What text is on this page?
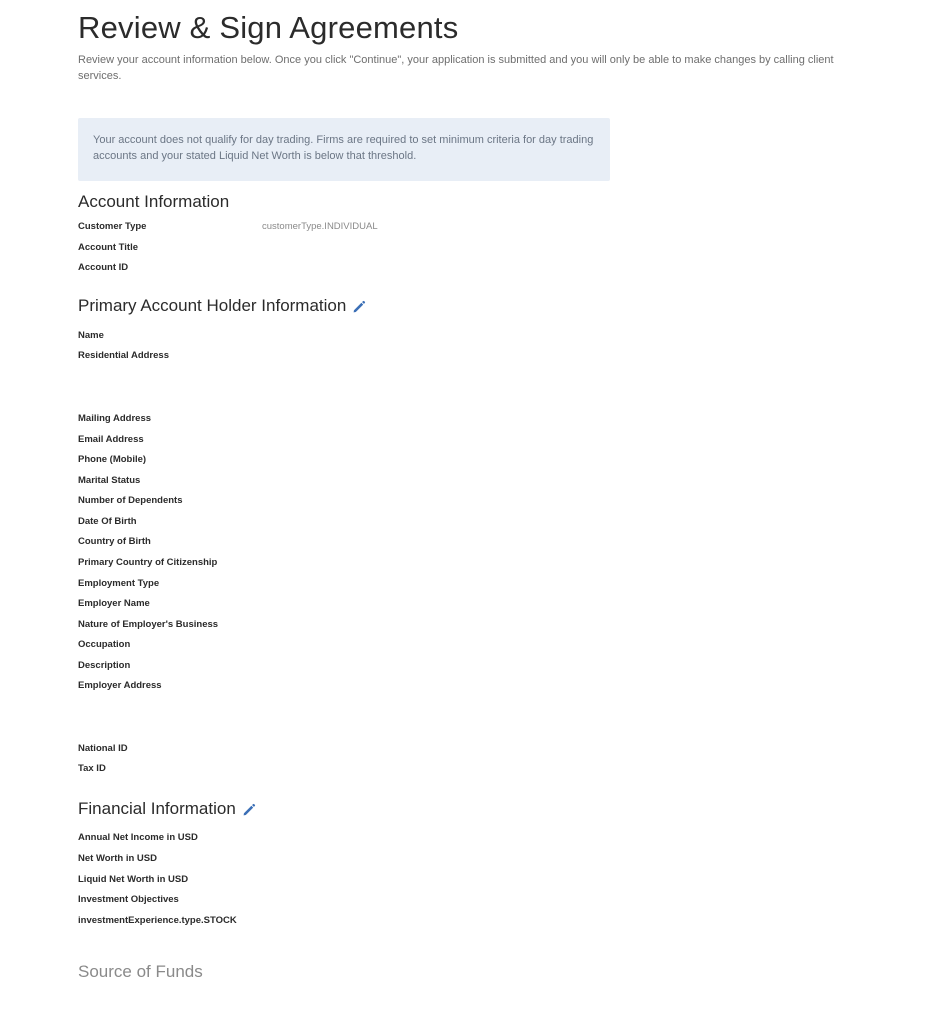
Review & Sign Agreements

Review your account information below. Once you click "Continue", your application is submitted and you will only be able to make changes by calling client services.

Your account does not qualify for day trading. Firms are required to set minimum criteria for day trading accounts and your stated Liquid Net Worth is below that threshold.
Account Information
Customer Type	customerType.INDIVIDUAL
Account Title
Account ID
Primary Account Holder Information
Name
Residential Address
Mailing Address
Email Address
Phone (Mobile)
Marital Status
Number of Dependents
Date Of Birth
Country of Birth
Primary Country of Citizenship
Employment Type
Employer Name
Nature of Employer's Business
Occupation
Description
Employer Address
National ID
Tax ID
Financial Information
Annual Net Income in USD
Net Worth in USD
Liquid Net Worth in USD
Investment Objectives
investmentExperience.type.STOCK
Source of Funds
